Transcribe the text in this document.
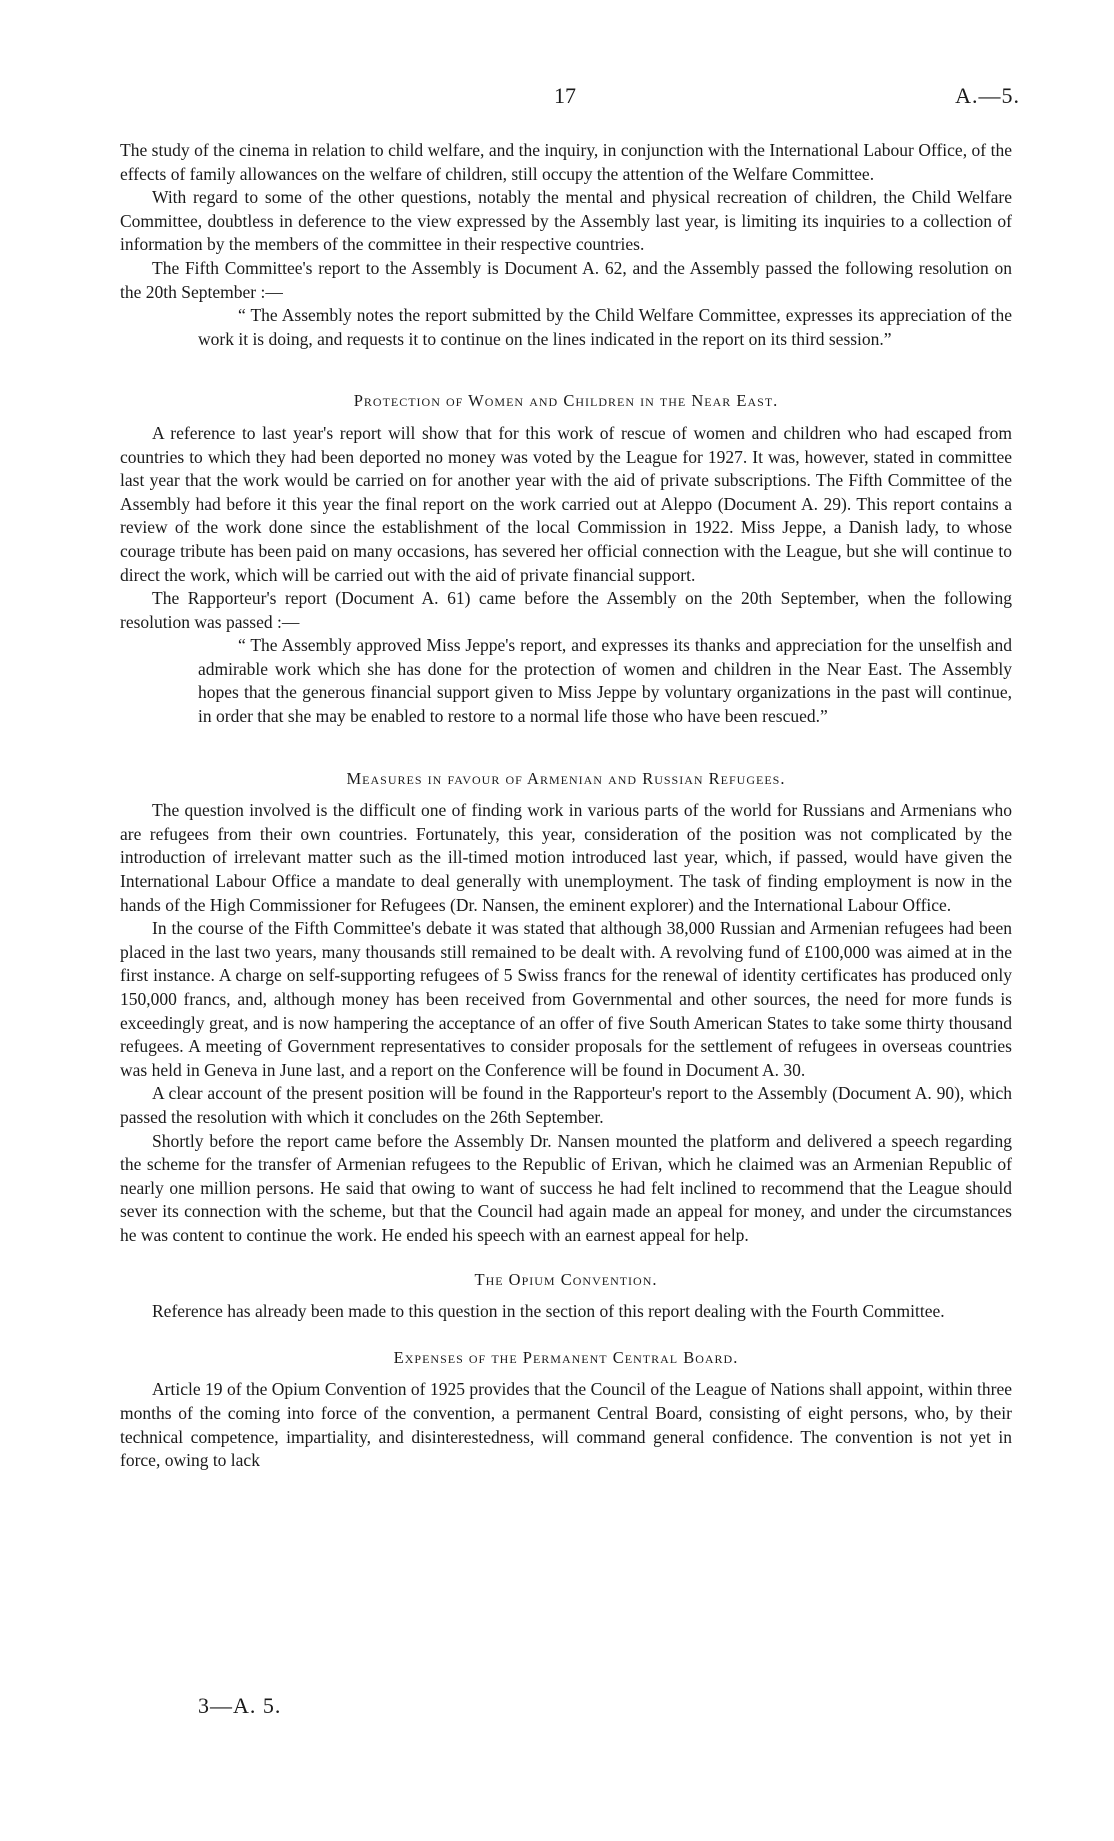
17	A.—5.

The study of the cinema in relation to child welfare, and the inquiry, in conjunction with the International Labour Office, of the effects of family allowances on the welfare of children, still occupy the attention of the Welfare Committee.

With regard to some of the other questions, notably the mental and physical recreation of children, the Child Welfare Committee, doubtless in deference to the view expressed by the Assembly last year, is limiting its inquiries to a collection of information by the members of the committee in their respective countries.

The Fifth Committee's report to the Assembly is Document A. 62, and the Assembly passed the following resolution on the 20th September :—

“ The Assembly notes the report submitted by the Child Welfare Committee, expresses its appreciation of the work it is doing, and requests it to continue on the lines indicated in the report on its third session.”

Protection of Women and Children in the Near East.

A reference to last year's report will show that for this work of rescue of women and children who had escaped from countries to which they had been deported no money was voted by the League for 1927. It was, however, stated in committee last year that the work would be carried on for another year with the aid of private subscriptions. The Fifth Committee of the Assembly had before it this year the final report on the work carried out at Aleppo (Document A. 29). This report contains a review of the work done since the establishment of the local Commission in 1922. Miss Jeppe, a Danish lady, to whose courage tribute has been paid on many occasions, has severed her official connection with the League, but she will continue to direct the work, which will be carried out with the aid of private financial support.

The Rapporteur's report (Document A. 61) came before the Assembly on the 20th September, when the following resolution was passed :—

“ The Assembly approved Miss Jeppe's report, and expresses its thanks and appreciation for the unselfish and admirable work which she has done for the protection of women and children in the Near East. The Assembly hopes that the generous financial support given to Miss Jeppe by voluntary organizations in the past will continue, in order that she may be enabled to restore to a normal life those who have been rescued.”

Measures in favour of Armenian and Russian Refugees.

The question involved is the difficult one of finding work in various parts of the world for Russians and Armenians who are refugees from their own countries. Fortunately, this year, consideration of the position was not complicated by the introduction of irrelevant matter such as the ill-timed motion introduced last year, which, if passed, would have given the International Labour Office a mandate to deal generally with unemployment. The task of finding employment is now in the hands of the High Commissioner for Refugees (Dr. Nansen, the eminent explorer) and the International Labour Office.

In the course of the Fifth Committee's debate it was stated that although 38,000 Russian and Armenian refugees had been placed in the last two years, many thousands still remained to be dealt with. A revolving fund of £100,000 was aimed at in the first instance. A charge on self-supporting refugees of 5 Swiss francs for the renewal of identity certificates has produced only 150,000 francs, and, although money has been received from Governmental and other sources, the need for more funds is exceedingly great, and is now hampering the acceptance of an offer of five South American States to take some thirty thousand refugees. A meeting of Government representatives to consider proposals for the settlement of refugees in overseas countries was held in Geneva in June last, and a report on the Conference will be found in Document A. 30.

A clear account of the present position will be found in the Rapporteur's report to the Assembly (Document A. 90), which passed the resolution with which it concludes on the 26th September.

Shortly before the report came before the Assembly Dr. Nansen mounted the platform and delivered a speech regarding the scheme for the transfer of Armenian refugees to the Republic of Erivan, which he claimed was an Armenian Republic of nearly one million persons. He said that owing to want of success he had felt inclined to recommend that the League should sever its connection with the scheme, but that the Council had again made an appeal for money, and under the circumstances he was content to continue the work. He ended his speech with an earnest appeal for help.

The Opium Convention.

Reference has already been made to this question in the section of this report dealing with the Fourth Committee.

Expenses of the Permanent Central Board.

Article 19 of the Opium Convention of 1925 provides that the Council of the League of Nations shall appoint, within three months of the coming into force of the convention, a permanent Central Board, consisting of eight persons, who, by their technical competence, impartiality, and disinterestedness, will command general confidence. The convention is not yet in force, owing to lack

3—A. 5.
